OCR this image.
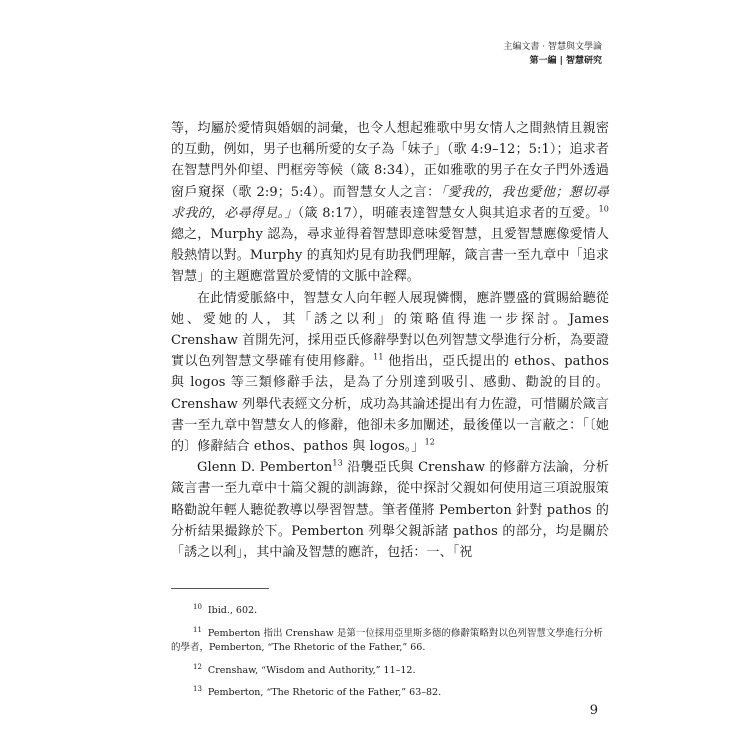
主編文書 · 智慧與文學論
第一編 | 智慧研究

等，均屬於愛情與婚姻的詞彙，也令人想起雅歌中男女情人之間熱情且親密的互動，例如，男子也稱所愛的女子為「妹子」（歌 4:9–12；5:1）；追求者在智慧門外仰望、門框旁等候（箴 8:34），正如雅歌的男子在女子門外透過窗戶窺探（歌 2:9；5:4）。而智慧女人之言：「愛我的，我也愛他；懇切尋求我的，必尋得見。」（箴 8:17），明確表達智慧女人與其追求者的互愛。$^{10}$ 總之，Murphy 認為，尋求並得着智慧即意味愛智慧，且愛智慧應像愛情人般熱情以對。Murphy 的真知灼見有助我們理解，箴言書一至九章中「追求智慧」的主題應當置於愛情的文脈中詮釋。

在此情愛脈絡中，智慧女人向年輕人展現憐憫，應許豐盛的賞賜給聽從她、愛她的人，其「誘之以利」的策略值得進一步探討。James Crenshaw 首開先河，採用亞氏修辭學對以色列智慧文學進行分析，為要證實以色列智慧文學確有使用修辭。$^{11}$ 他指出，亞氏提出的 ethos、pathos 與 logos 等三類修辭手法，是為了分別達到吸引、感動、勸說的目的。Crenshaw 列舉代表經文分析，成功為其論述提出有力佐證，可惜關於箴言書一至九章中智慧女人的修辭，他卻未多加闡述，最後僅以一言蔽之：「〔她的〕修辭結合 ethos、pathos 與 logos。」$^{12}$

Glenn D. Pemberton$^{13}$ 沿襲亞氏與 Crenshaw 的修辭方法論，分析箴言書一至九章中十篇父親的訓誨錄，從中探討父親如何使用這三項說服策略勸說年輕人聽從教導以學習智慧。筆者僅將 Pemberton 針對 pathos 的分析結果撮錄於下。Pemberton 列舉父親訴諸 pathos 的部分，均是關於「誘之以利」，其中論及智慧的應許，包括：一、「祝

$^{10}$ Ibid., 602.

$^{11}$ Pemberton 指出 Crenshaw 是第一位採用亞里斯多德的修辭策略對以色列智慧文學進行分析的學者，Pemberton, “The Rhetoric of the Father,” 66.

$^{12}$ Crenshaw, “Wisdom and Authority,” 11–12.

$^{13}$ Pemberton, “The Rhetoric of the Father,” 63–82.

9
